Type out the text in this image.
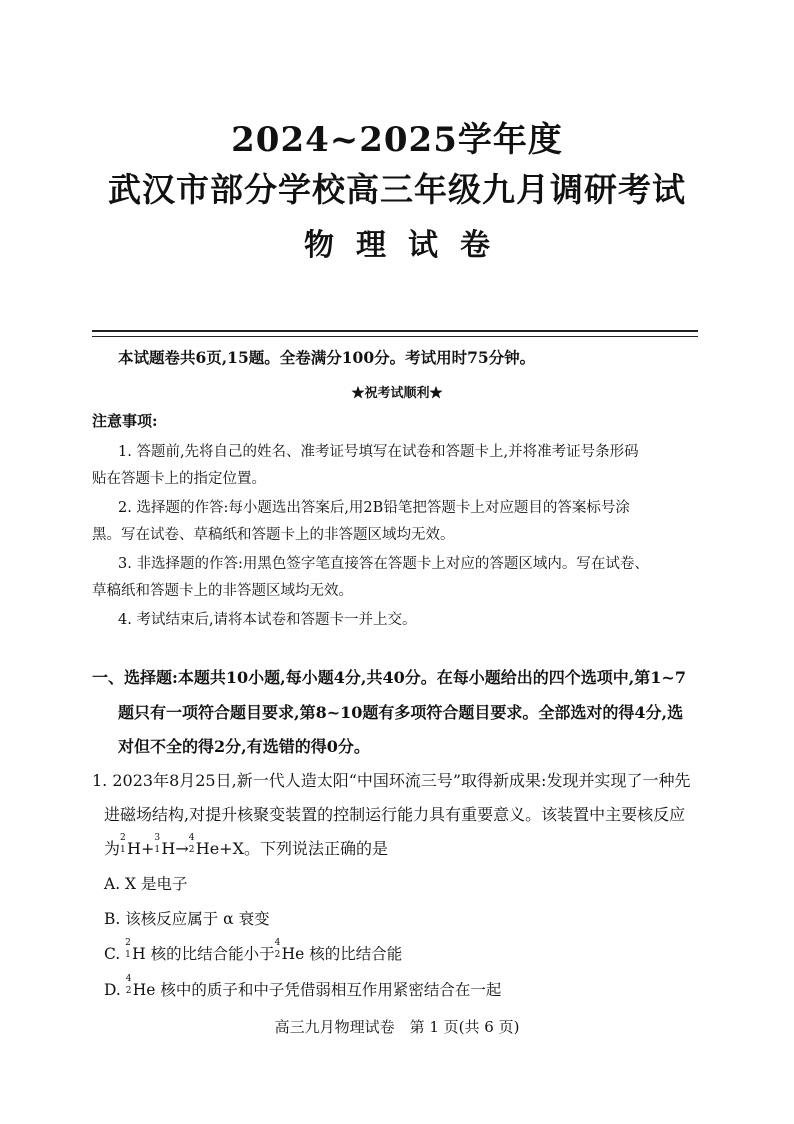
2024~2025学年度
武汉市部分学校高三年级九月调研考试
物理试卷
本试题卷共6页,15题。全卷满分100分。考试用时75分钟。
★祝考试顺利★
注意事项:
1. 答题前,先将自己的姓名、准考证号填写在试卷和答题卡上,并将准考证号条形码
贴在答题卡上的指定位置。
2. 选择题的作答:每小题选出答案后,用2B铅笔把答题卡上对应题目的答案标号涂
黑。写在试卷、草稿纸和答题卡上的非答题区域均无效。
3. 非选择题的作答:用黑色签字笔直接答在答题卡上对应的答题区域内。写在试卷、
草稿纸和答题卡上的非答题区域均无效。
4. 考试结束后,请将本试卷和答题卡一并上交。
一、选择题:本题共10小题,每小题4分,共40分。在每小题给出的四个选项中,第1~7
题只有一项符合题目要求,第8~10题有多项符合题目要求。全部选对的得4分,选
对但不全的得2分,有选错的得0分。
1. 2023年8月25日,新一代人造太阳“中国环流三号”取得新成果:发现并实现了一种先
进磁场结构,对提升核聚变装置的控制运行能力具有重要意义。该装置中主要核反应
为
2
1 H+
3
1 H→
4
2 He+X。下列说法正确的是
A. X 是电子
B. 该核反应属于 α 衰变
C.
2
1 H 核的比结合能小于
4
2 He 核的比结合能
D.
4
2 He 核中的质子和中子凭借弱相互作用紧密结合在一起
高三九月物理试卷　第 1 页(共 6 页)
